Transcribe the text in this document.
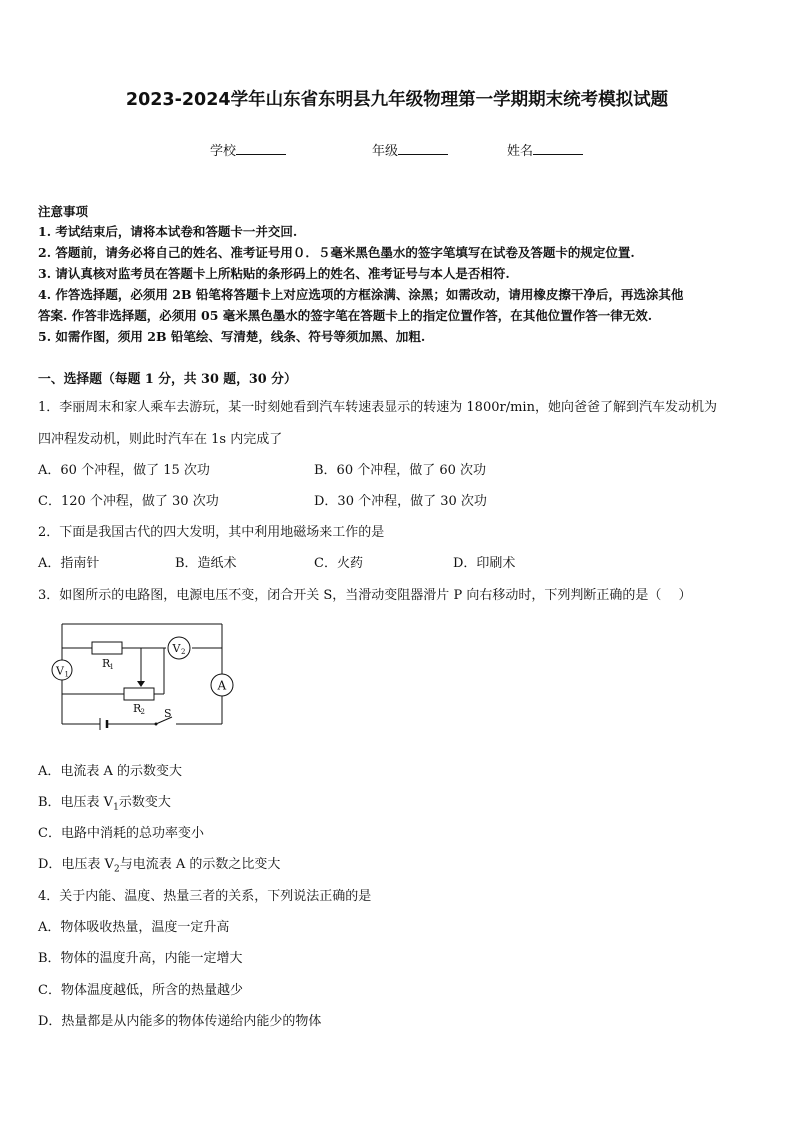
2023-2024学年山东省东明县九年级物理第一学期期末统考模拟试题
学校	年级	姓名
注意事项
1. 考试结束后，请将本试卷和答题卡一并交回.
2. 答题前，请务必将自己的姓名、准考证号用０．５毫米黑色墨水的签字笔填写在试卷及答题卡的规定位置.
3. 请认真核对监考员在答题卡上所粘贴的条形码上的姓名、准考证号与本人是否相符.
4. 作答选择题，必须用 2B 铅笔将答题卡上对应选项的方框涂满、涂黑；如需改动，请用橡皮擦干净后，再选涂其他
答案. 作答非选择题，必须用 05 毫米黑色墨水的签字笔在答题卡上的指定位置作答，在其他位置作答一律无效.
5. 如需作图，须用 2B 铅笔绘、写清楚，线条、符号等须加黑、加粗.
一、选择题（每题 1 分，共 30 题，30 分）
1．李丽周末和家人乘车去游玩，某一时刻她看到汽车转速表显示的转速为 1800r/min，她向爸爸了解到汽车发动机为
四冲程发动机，则此时汽车在 1s 内完成了
A．60 个冲程，做了 15 次功	B．60 个冲程，做了 60 次功
C．120 个冲程，做了 30 次功	D．30 个冲程，做了 30 次功
2．下面是我国古代的四大发明，其中利用地磁场来工作的是
A．指南针	B．造纸术	C．火药	D．印刷术
3．如图所示的电路图，电源电压不变，闭合开关 S，当滑动变阻器滑片 P 向右移动时，下列判断正确的是（　 ）
V 1
V 2
A
R 1
R 2 S
A．电流表 A 的示数变大
B．电压表 $V_1$示数变大
C．电路中消耗的总功率变小
D．电压表 $V_2$与电流表 A 的示数之比变大
4．关于内能、温度、热量三者的关系，下列说法正确的是
A．物体吸收热量，温度一定升高
B．物体的温度升高，内能一定增大
C．物体温度越低，所含的热量越少
D．热量都是从内能多的物体传递给内能少的物体
